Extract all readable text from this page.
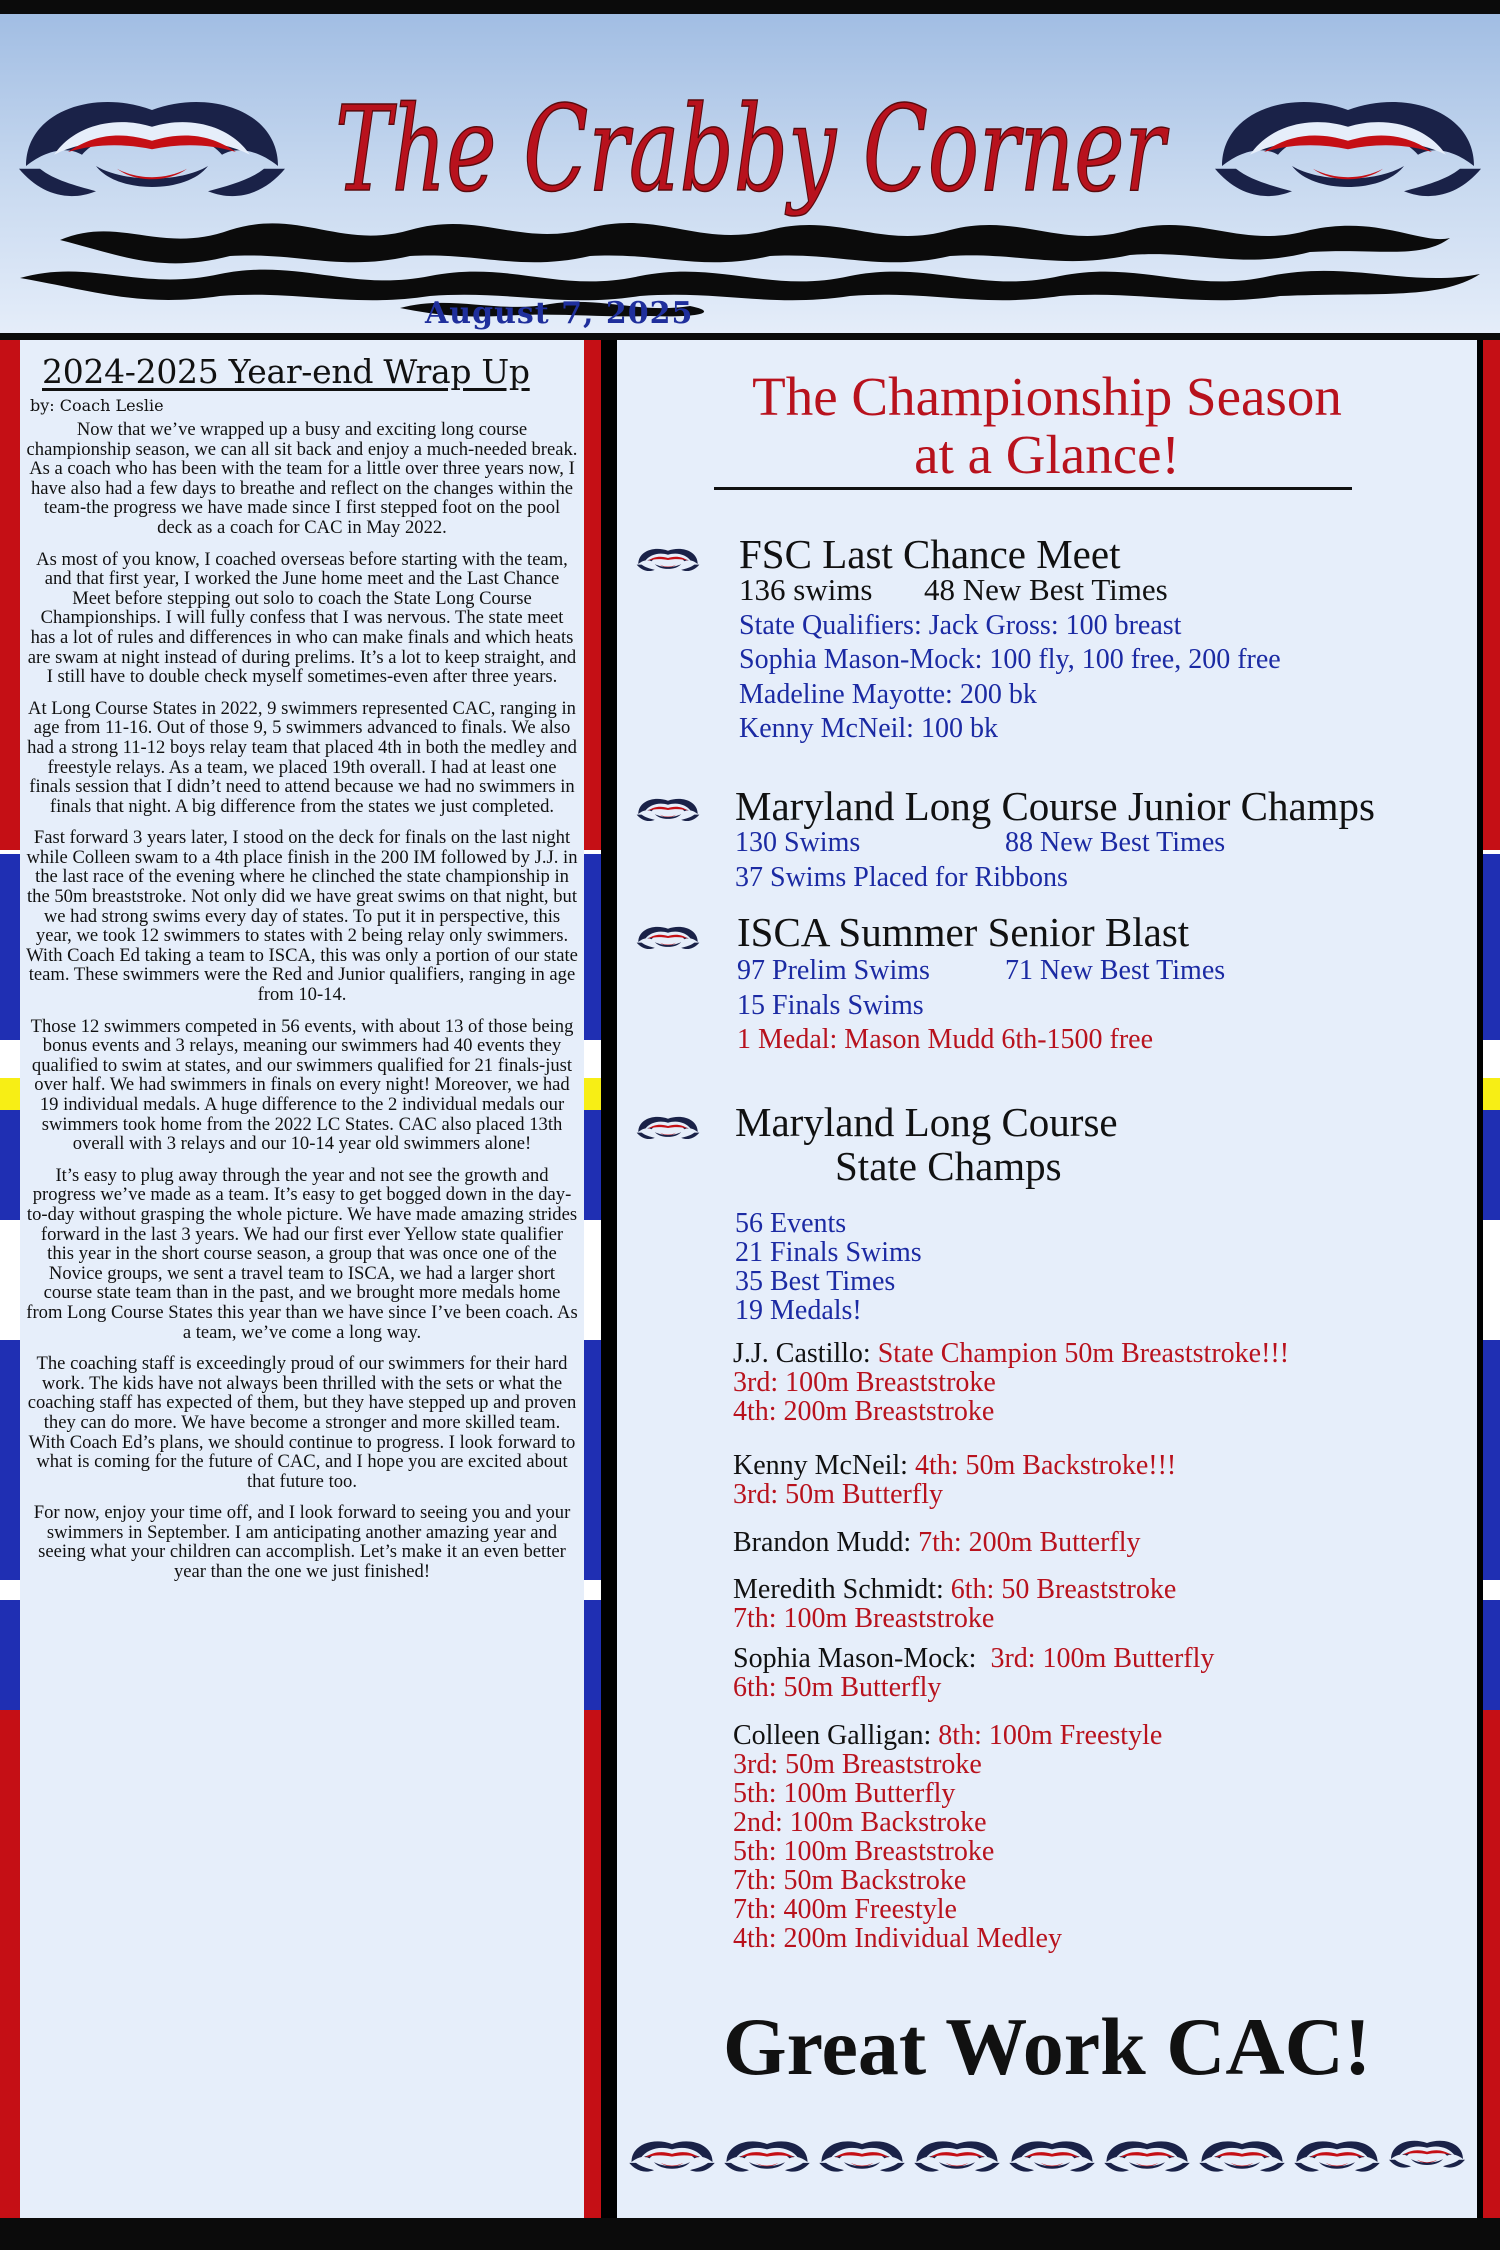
The Crabby Corner
August 7, 2025
2024-2025 Year-end Wrap Up
by: Coach Leslie

Now that we’ve wrapped up a busy and exciting long course championship season, we can all sit back and enjoy a much-needed break. As a coach who has been with the team for a little over three years now, I have also had a few days to breathe and reflect on the changes within the team-the progress we have made since I first stepped foot on the pool deck as a coach for CAC in May 2022.

As most of you know, I coached overseas before starting with the team, and that first year, I worked the June home meet and the Last Chance Meet before stepping out solo to coach the State Long Course Championships. I will fully confess that I was nervous. The state meet has a lot of rules and differences in who can make finals and which heats are swam at night instead of during prelims. It’s a lot to keep straight, and I still have to double check myself sometimes-even after three years.

At Long Course States in 2022, 9 swimmers represented CAC, ranging in age from 11-16. Out of those 9, 5 swimmers advanced to finals. We also had a strong 11-12 boys relay team that placed 4th in both the medley and freestyle relays. As a team, we placed 19th overall. I had at least one finals session that I didn’t need to attend because we had no swimmers in finals that night. A big difference from the states we just completed.

Fast forward 3 years later, I stood on the deck for finals on the last night while Colleen swam to a 4th place finish in the 200 IM followed by J.J. in the last race of the evening where he clinched the state championship in the 50m breaststroke. Not only did we have great swims on that night, but we had strong swims every day of states. To put it in perspective, this year, we took 12 swimmers to states with 2 being relay only swimmers. With Coach Ed taking a team to ISCA, this was only a portion of our state team. These swimmers were the Red and Junior qualifiers, ranging in age from 10-14.

Those 12 swimmers competed in 56 events, with about 13 of those being bonus events and 3 relays, meaning our swimmers had 40 events they qualified to swim at states, and our swimmers qualified for 21 finals-just over half. We had swimmers in finals on every night! Moreover, we had 19 individual medals. A huge difference to the 2 individual medals our swimmers took home from the 2022 LC States. CAC also placed 13th overall with 3 relays and our 10-14 year old swimmers alone!

It’s easy to plug away through the year and not see the growth and progress we’ve made as a team. It’s easy to get bogged down in the day-to-day without grasping the whole picture. We have made amazing strides forward in the last 3 years. We had our first ever Yellow state qualifier this year in the short course season, a group that was once one of the Novice groups, we sent a travel team to ISCA, we had a larger short course state team than in the past, and we brought more medals home from Long Course States this year than we have since I’ve been coach. As a team, we’ve come a long way.

The coaching staff is exceedingly proud of our swimmers for their hard work. The kids have not always been thrilled with the sets or what the coaching staff has expected of them, but they have stepped up and proven they can do more. We have become a stronger and more skilled team. With Coach Ed’s plans, we should continue to progress. I look forward to what is coming for the future of CAC, and I hope you are excited about that future too.

For now, enjoy your time off, and I look forward to seeing you and your swimmers in September. I am anticipating another amazing year and seeing what your children can accomplish. Let’s make it an even better year than the one we just finished!

The Championship Season
at a Glance!
FSC Last Chance Meet
136 swims 48 New Best Times
State Qualifiers: Jack Gross: 100 breast
Sophia Mason-Mock: 100 fly, 100 free, 200 free
Madeline Mayotte: 200 bk
Kenny McNeil: 100 bk
Maryland Long Course Junior Champs
130 Swims	88 New Best Times
37 Swims Placed for Ribbons
ISCA Summer Senior Blast
97 Prelim Swims	71 New Best Times
15 Finals Swims
1 Medal: Mason Mudd 6th-1500 free
Maryland Long Course
State Champs
56 Events
21 Finals Swims
35 Best Times
19 Medals!
J.J. Castillo: State Champion 50m Breaststroke!!!
3rd: 100m Breaststroke
4th: 200m Breaststroke
Kenny McNeil: 4th: 50m Backstroke!!!
3rd: 50m Butterfly
Brandon Mudd: 7th: 200m Butterfly
Meredith Schmidt: 6th: 50 Breaststroke
7th: 100m Breaststroke
Sophia Mason-Mock: 3rd: 100m Butterfly
6th: 50m Butterfly
Colleen Galligan: 8th: 100m Freestyle
3rd: 50m Breaststroke
5th: 100m Butterfly
2nd: 100m Backstroke
5th: 100m Breaststroke
7th: 50m Backstroke
7th: 400m Freestyle
4th: 200m Individual Medley
Great Work CAC!
